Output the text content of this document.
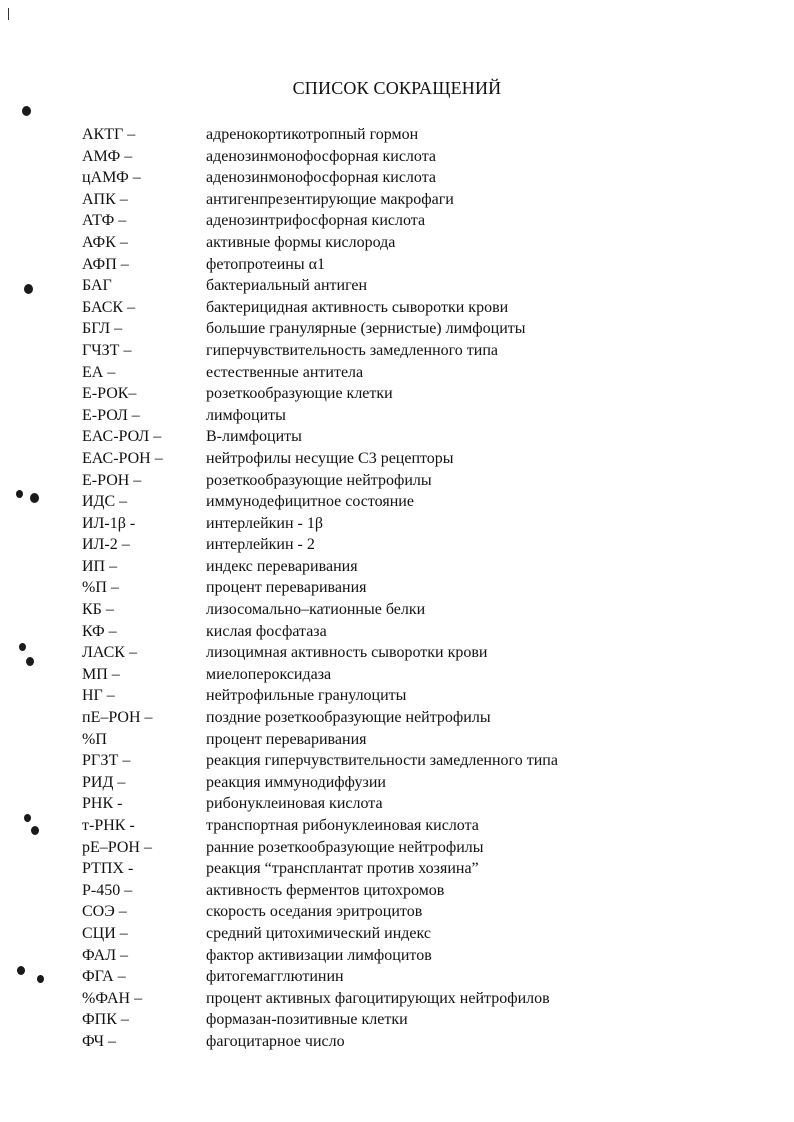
СПИСОК СОКРАЩЕНИЙ
АКТГ –	адренокортикотропный гормон
АМФ –	аденозинмонофосфорная кислота
цАМФ –	аденозинмонофосфорная кислота
АПК –	антигенпрезентирующие макрофаги
АТФ –	аденозинтрифосфорная кислота
АФК –	активные формы кислорода
АФП –	фетопротеины α1
БАГ	бактериальный антиген
БАСК –	бактерицидная активность сыворотки крови
БГЛ –	большие гранулярные (зернистые) лимфоциты
ГЧЗТ –	гиперчувствительность замедленного типа
ЕА –	естественные антитела
Е-РОК–	розеткообразующие клетки
Е-РОЛ –	лимфоциты
ЕАС-РОЛ –	В-лимфоциты
ЕАС-РОН –	нейтрофилы несущие С3 рецепторы
Е-РОН –	розеткообразующие нейтрофилы
ИДС –	иммунодефицитное состояние
ИЛ-1β -	интерлейкин - 1β
ИЛ-2 –	интерлейкин - 2
ИП –	индекс переваривания
%П –	процент переваривания
КБ –	лизосомально–катионные белки
КФ –	кислая фосфатаза
ЛАСК –	лизоцимная активность сыворотки крови
МП –	миелопероксидаза
НГ –	нейтрофильные гранулоциты
пЕ–РОН –	поздние розеткообразующие нейтрофилы
%П	процент переваривания
РГЗТ –	реакция гиперчувствительности замедленного типа
РИД –	реакция иммунодиффузии
РНК -	рибонуклеиновая кислота
т-РНК -	транспортная рибонуклеиновая кислота
рЕ–РОН –	ранние розеткообразующие нейтрофилы
РТПХ -	реакция “трансплантат против хозяина”
Р-450 –	активность ферментов цитохромов
СОЭ –	скорость оседания эритроцитов
СЦИ –	средний цитохимический индекс
ФАЛ –	фактор активизации лимфоцитов
ФГА –	фитогемагглютинин
%ФАН –	процент активных фагоцитирующих нейтрофилов
ФПК –	формазан-позитивные клетки
ФЧ –	фагоцитарное число
